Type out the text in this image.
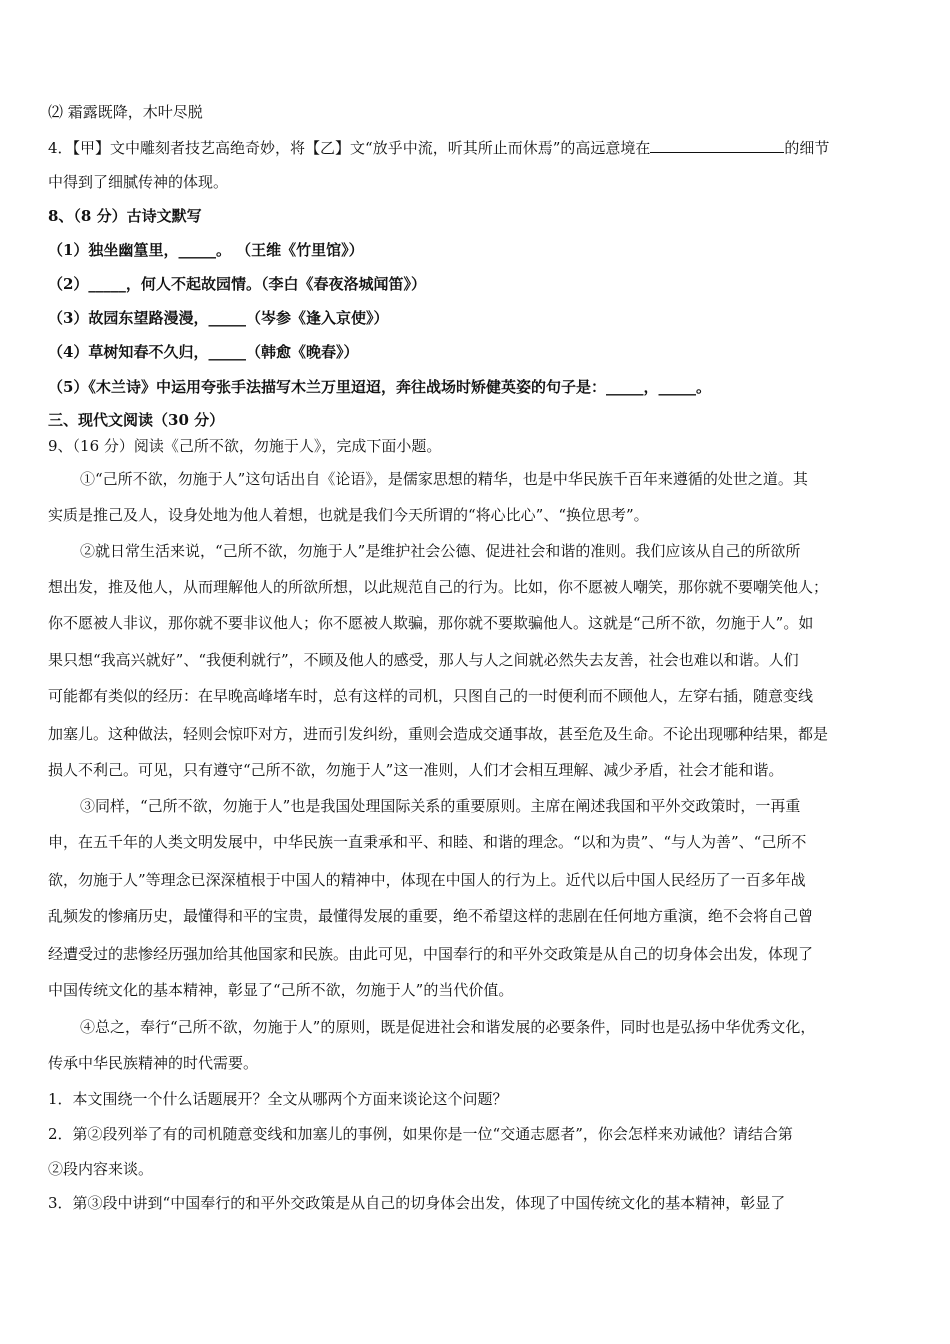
⑵ 霜露既降，木叶尽脱
4．【甲】文中雕刻者技艺高绝奇妙，将【乙】文“放乎中流，听其所止而休焉”的高远意境在	的细节
中得到了细腻传神的体现。
8、（8 分）古诗文默写
（1）独坐幽篁里，_____。 （王维《竹里馆》）
（2）_____，何人不起故园情。（李白《春夜洛城闻笛》）
（3）故园东望路漫漫，_____（岑参《逢入京使》）
（4）草树知春不久归，_____（韩愈《晚春》）
（5）《木兰诗》中运用夸张手法描写木兰万里迢迢，奔往战场时矫健英姿的句子是：_____，_____。
三、现代文阅读（30 分）
9、（16 分）阅读《己所不欲，勿施于人》，完成下面小题。
①“己所不欲，勿施于人”这句话出自《论语》，是儒家思想的精华，也是中华民族千百年来遵循的处世之道。其
实质是推己及人，设身处地为他人着想，也就是我们今天所谓的“将心比心”、“换位思考”。
②就日常生活来说，“己所不欲，勿施于人”是维护社会公德、促进社会和谐的准则。我们应该从自己的所欲所
想出发，推及他人，从而理解他人的所欲所想，以此规范自己的行为。比如，你不愿被人嘲笑，那你就不要嘲笑他人；
你不愿被人非议，那你就不要非议他人；你不愿被人欺骗，那你就不要欺骗他人。这就是“己所不欲，勿施于人”。如
果只想“我高兴就好”、“我便利就行”，不顾及他人的感受，那人与人之间就必然失去友善，社会也难以和谐。人们
可能都有类似的经历：在早晚高峰堵车时，总有这样的司机，只图自己的一时便利而不顾他人，左穿右插，随意变线
加塞儿。这种做法，轻则会惊吓对方，进而引发纠纷，重则会造成交通事故，甚至危及生命。不论出现哪种结果，都是
损人不利己。可见，只有遵守“己所不欲，勿施于人”这一准则，人们才会相互理解、减少矛盾，社会才能和谐。
③同样，“己所不欲，勿施于人”也是我国处理国际关系的重要原则。主席在阐述我国和平外交政策时，一再重
申，在五千年的人类文明发展中，中华民族一直秉承和平、和睦、和谐的理念。“以和为贵”、“与人为善”、“己所不
欲，勿施于人”等理念已深深植根于中国人的精神中，体现在中国人的行为上。近代以后中国人民经历了一百多年战
乱频发的惨痛历史，最懂得和平的宝贵，最懂得发展的重要，绝不希望这样的悲剧在任何地方重演，绝不会将自己曾
经遭受过的悲惨经历强加给其他国家和民族。由此可见，中国奉行的和平外交政策是从自己的切身体会出发，体现了
中国传统文化的基本精神，彰显了“己所不欲，勿施于人”的当代价值。
④总之，奉行“己所不欲，勿施于人”的原则，既是促进社会和谐发展的必要条件，同时也是弘扬中华优秀文化，
传承中华民族精神的时代需要。
1．本文围绕一个什么话题展开？全文从哪两个方面来谈论这个问题？
2．第②段列举了有的司机随意变线和加塞儿的事例，如果你是一位“交通志愿者”，你会怎样来劝诫他？请结合第
②段内容来谈。
3．第③段中讲到“中国奉行的和平外交政策是从自己的切身体会出发，体现了中国传统文化的基本精神，彰显了
